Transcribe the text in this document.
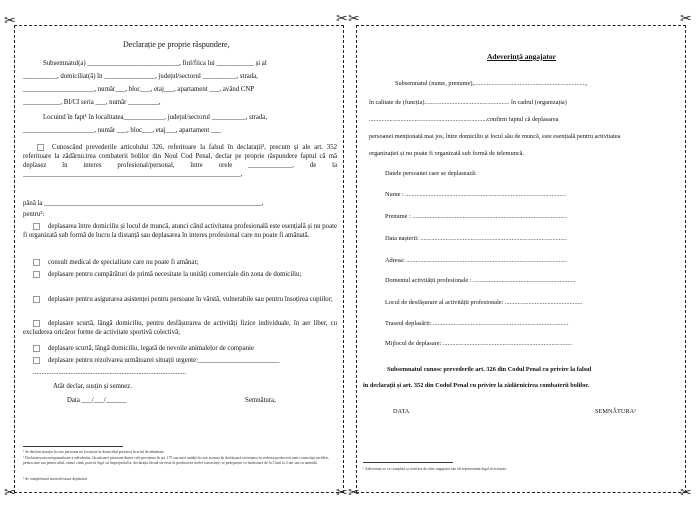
✂	✂ ✂	✂
✂	✂ ✂	✂
Declarație pe proprie răspundere,
Subsemnatul(a) ___________________________, fiul/fiica lui ___________ și al
__________, domiciliat(ă) în _______________, județul/sectorul __________, strada,
_____________________, număr___, bloc___, etaj___, apartament ___, având CNP
___________, BI/CI seria ___, număr _________,
Locuind în fapt¹ în localitatea____________, județul/sectorul __________, strada,
_____________________, număr ___, bloc___, etaj___, apartament ___
Cunoscând prevederile articolului 326, referitoare la falsul în declarații², precum și ale art. 352 referitoare la zădărnicirea combaterii bolilor din Noul Cod Penal, declar pe proprie răspundere faptul că mă deplasez în interes profesional/personal, între orele _____________, de la ________________________________________________________________,
până la ________________________________________________________________,
pentru³:
deplasarea între domiciliu și locul de muncă, atunci când activitatea profesională este esențială și nu poate fi organizată sub formă de lucru la distanță sau deplasarea în interes profesional care nu poate fi amânată.
consult medical de specialitate care nu poate fi amânat;
deplasare pentru cumpărături de primă necesitate la unități comerciale din zona de domiciliu;
deplasare pentru asigurarea asistenței pentru persoane în vârstă, vulnerabile sau pentru însoțirea copiilor;
deplasare scurtă, lângă domiciliu, pentru desfășurarea de activități fizice individuale, în aer liber, cu excluderea oricăror forme de activitate sportivă colectivă;
deplasare scurtă, lângă domiciliu, legată de nevoile animalelor de companie
deplasare pentru rezolvarea următoarei situații urgente:________________________
..........................................................................................
Atât declar, susțin și semnez.
Data ___/___/______	Semnătura,
¹ Se declară situația în care persoana nu locuiește la domiciliul prevăzut în actul de identitate.
² Declararea necorespunzătoare a adevărului, făcută unei persoane dintre cele prevăzute în art. 175 sau unei unități în care aceasta își desfășoară activitatea în vederea producerii unei consecințe juridice, pentru sine sau pentru altul, atunci când, potrivit legii ori împrejurărilor, declarația făcută servește la producerea acelei consecințe, se pedepsește cu închisoare de la 3 luni la 2 ani sau cu amendă.
³ Se completează motivul/cauza deplasării.
Adeverință angajator
Subsemnatul (nume, prenume),.......................................................................,
în calitate de (funcția)...................................................... în cadrul (organizația)
...........................................................................confirm faptul că deplasarea
persoanei menționată mai jos, între domiciliu și locul său de muncă, este esențială pentru activitatea
organizației și nu poate fi organizată sub formă de telemuncă.
Datele persoanei care se deplasează:
Nume : ......................................................................................................
Prenume : ..................................................................................................
Data nașterii: .............................................................................................
Adresa: ......................................................................................................
Domeniul activității profesionale : .................................................................
Locul de desfășurare al activității profesionale: .................................................
Traseul deplasării: ......................................................................................
Mijlocul de deplasare: ..................................................................................
Subsemnatul cunosc prevederile art. 326 din Codul Penal cu privire la falsul
în declarații și art. 352 din Codul Penal cu privire la zădărnicirea combaterii bolilor.
DATA	SEMNĂTURA¹
¹ Adeverința se va completa și certifica de către angajator sau alt reprezentant legal al acestuia.
